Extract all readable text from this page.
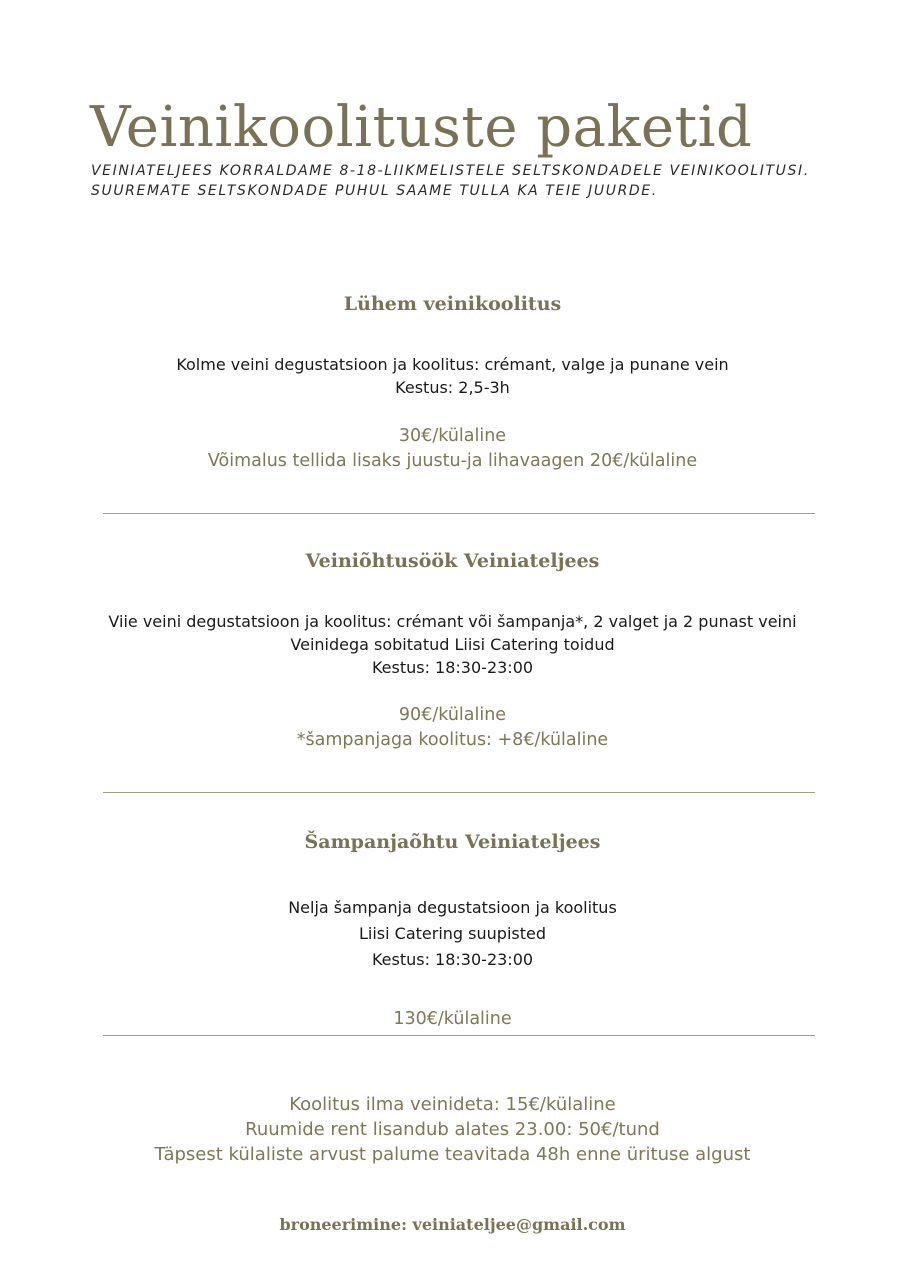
Veinikoolituste paketid
VEINIATELJEES KORRALDAME 8-18-LIIKMELISTELE SELTSKONDADELE VEINIKOOLITUSI.
SUUREMATE SELTSKONDADE PUHUL SAAME TULLA KA TEIE JUURDE.
Lühem veinikoolitus
Kolme veini degustatsioon ja koolitus: crémant, valge ja punane vein
Kestus: 2,5-3h
30€/külaline
Võimalus tellida lisaks juustu-ja lihavaagen 20€/külaline
Veiniõhtusöök Veiniateljees
Viie veini degustatsioon ja koolitus: crémant või šampanja*, 2 valget ja 2 punast veini
Veinidega sobitatud Liisi Catering toidud
Kestus: 18:30-23:00
90€/külaline
*šampanjaga koolitus: +8€/külaline
Šampanjaõhtu Veiniateljees
Nelja šampanja degustatsioon ja koolitus
Liisi Catering suupisted
Kestus: 18:30-23:00
130€/külaline
Koolitus ilma veinideta: 15€/külaline
Ruumide rent lisandub alates 23.00: 50€/tund
Täpsest külaliste arvust palume teavitada 48h enne ürituse algust
broneerimine: veiniateljee@gmail.com
